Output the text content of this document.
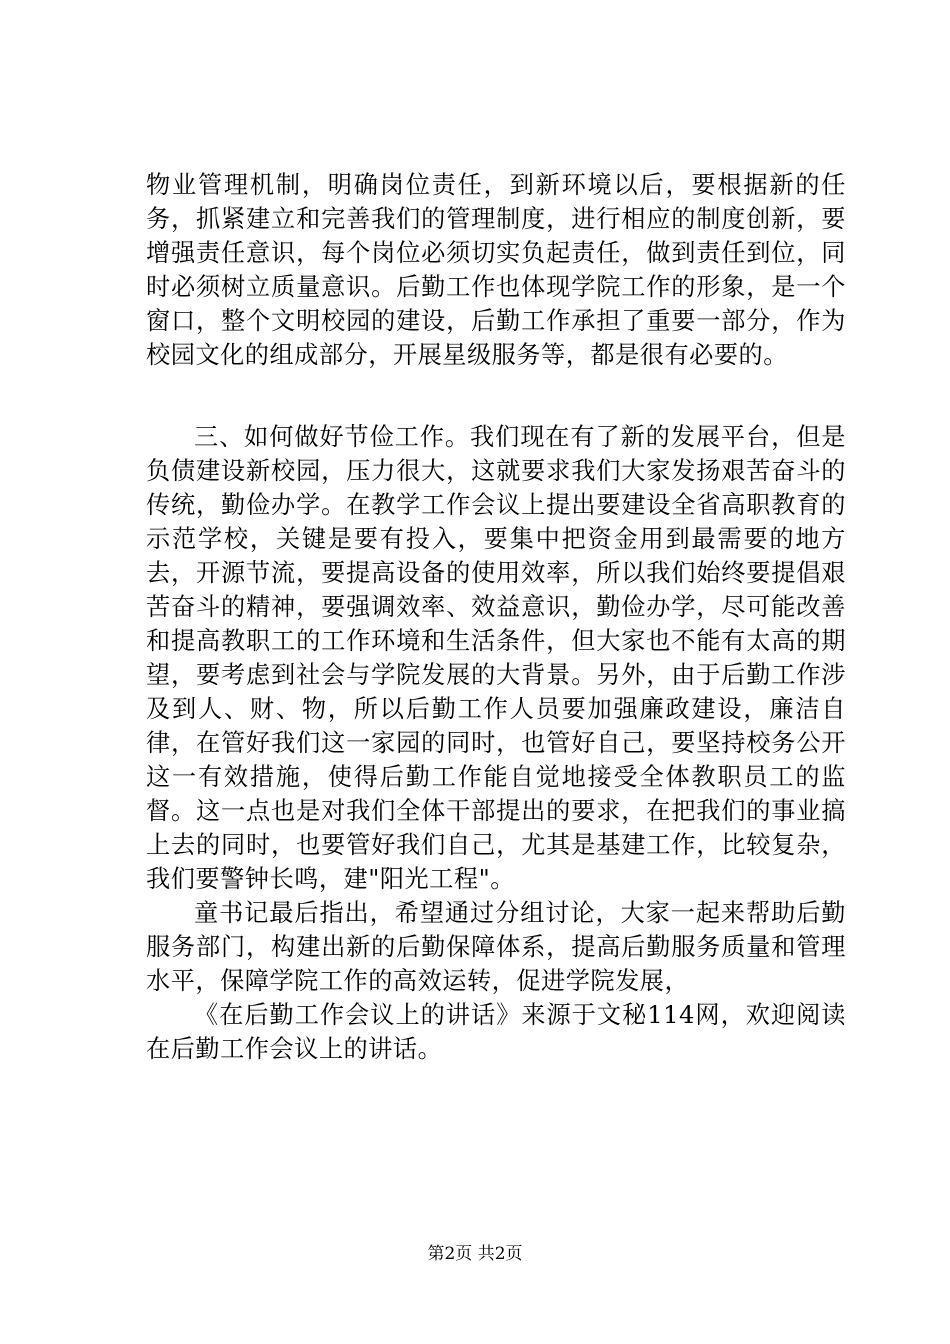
物业管理机制，明确岗位责任，到新环境以后，要根据新的任务，抓紧建立和完善我们的管理制度，进行相应的制度创新，要增强责任意识，每个岗位必须切实负起责任，做到责任到位，同时必须树立质量意识。后勤工作也体现学院工作的形象，是一个窗口，整个文明校园的建设，后勤工作承担了重要一部分，作为校园文化的组成部分，开展星级服务等，都是很有必要的。

三、如何做好节俭工作。我们现在有了新的发展平台，但是负债建设新校园，压力很大，这就要求我们大家发扬艰苦奋斗的传统，勤俭办学。在教学工作会议上提出要建设全省高职教育的示范学校，关键是要有投入，要集中把资金用到最需要的地方去，开源节流，要提高设备的使用效率，所以我们始终要提倡艰苦奋斗的精神，要强调效率、效益意识，勤俭办学，尽可能改善和提高教职工的工作环境和生活条件，但大家也不能有太高的期望，要考虑到社会与学院发展的大背景。另外，由于后勤工作涉及到人、财、物，所以后勤工作人员要加强廉政建设，廉洁自律，在管好我们这一家园的同时，也管好自己，要坚持校务公开这一有效措施，使得后勤工作能自觉地接受全体教职员工的监督。这一点也是对我们全体干部提出的要求，在把我们的事业搞上去的同时，也要管好我们自己，尤其是基建工作，比较复杂，我们要警钟长鸣，建"阳光工程"。

童书记最后指出，希望通过分组讨论，大家一起来帮助后勤服务部门，构建出新的后勤保障体系，提高后勤服务质量和管理水平，保障学院工作的高效运转，促进学院发展，

《在后勤工作会议上的讲话》来源于文秘114网，欢迎阅读在后勤工作会议上的讲话。

第2页 共2页
